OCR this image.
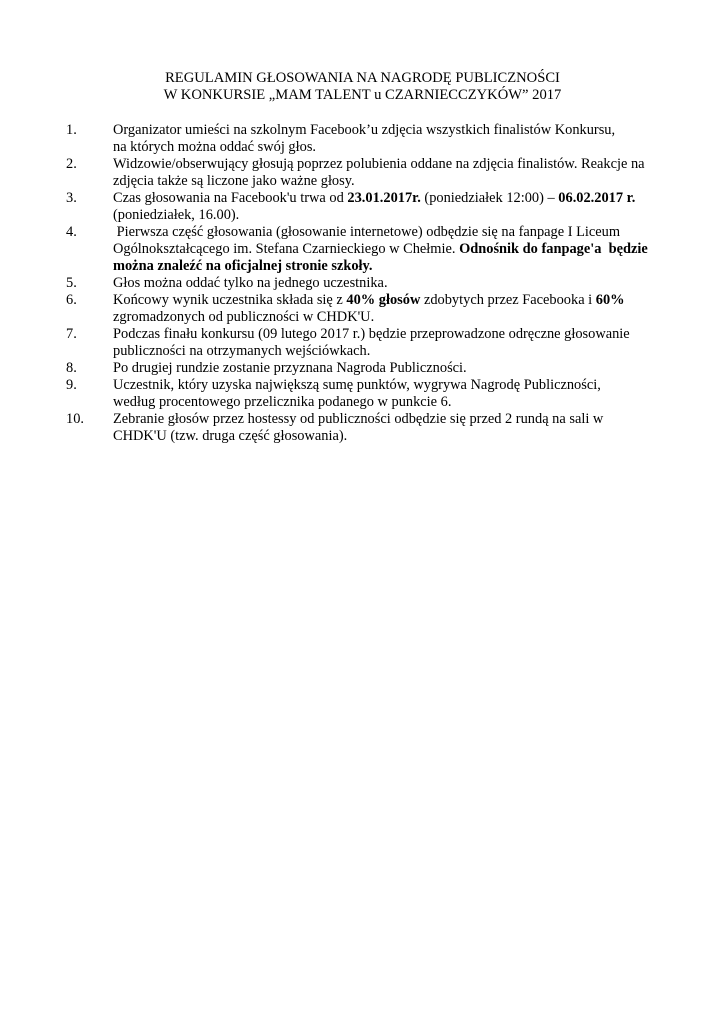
REGULAMIN GŁOSOWANIA NA NAGRODĘ PUBLICZNOŚCI
W KONKURSIE „MAM TALENT u CZARNIECCZYKÓW” 2017
1.	Organizator umieści na szkolnym Facebook’u zdjęcia wszystkich finalistów Konkursu,
na których można oddać swój głos.
2.	Widzowie/obserwujący głosują poprzez polubienia oddane na zdjęcia finalistów. Reakcje na
zdjęcia także są liczone jako ważne głosy.
3.	Czas głosowania na Facebook'u trwa od 23.01.2017r. (poniedziałek 12:00) – 06.02.2017 r.
(poniedziałek, 16.00).
4.	Pierwsza część głosowania (głosowanie internetowe) odbędzie się na fanpage I Liceum
Ogólnokształcącego im. Stefana Czarnieckiego w Chełmie. Odnośnik do fanpage'a  będzie
można znaleźć na oficjalnej stronie szkoły.
5.	Głos można oddać tylko na jednego uczestnika.
6.	Końcowy wynik uczestnika składa się z 40% głosów zdobytych przez Facebooka i 60%
zgromadzonych od publiczności w CHDK'U.
7.	Podczas finału konkursu (09 lutego 2017 r.) będzie przeprowadzone odręczne głosowanie
publiczności na otrzymanych wejściówkach.
8.	Po drugiej rundzie zostanie przyznana Nagroda Publiczności.
9.	Uczestnik, który uzyska największą sumę punktów, wygrywa Nagrodę Publiczności,
według procentowego przelicznika podanego w punkcie 6.
10.	Zebranie głosów przez hostessy od publiczności odbędzie się przed 2 rundą na sali w
CHDK'U (tzw. druga część głosowania).
